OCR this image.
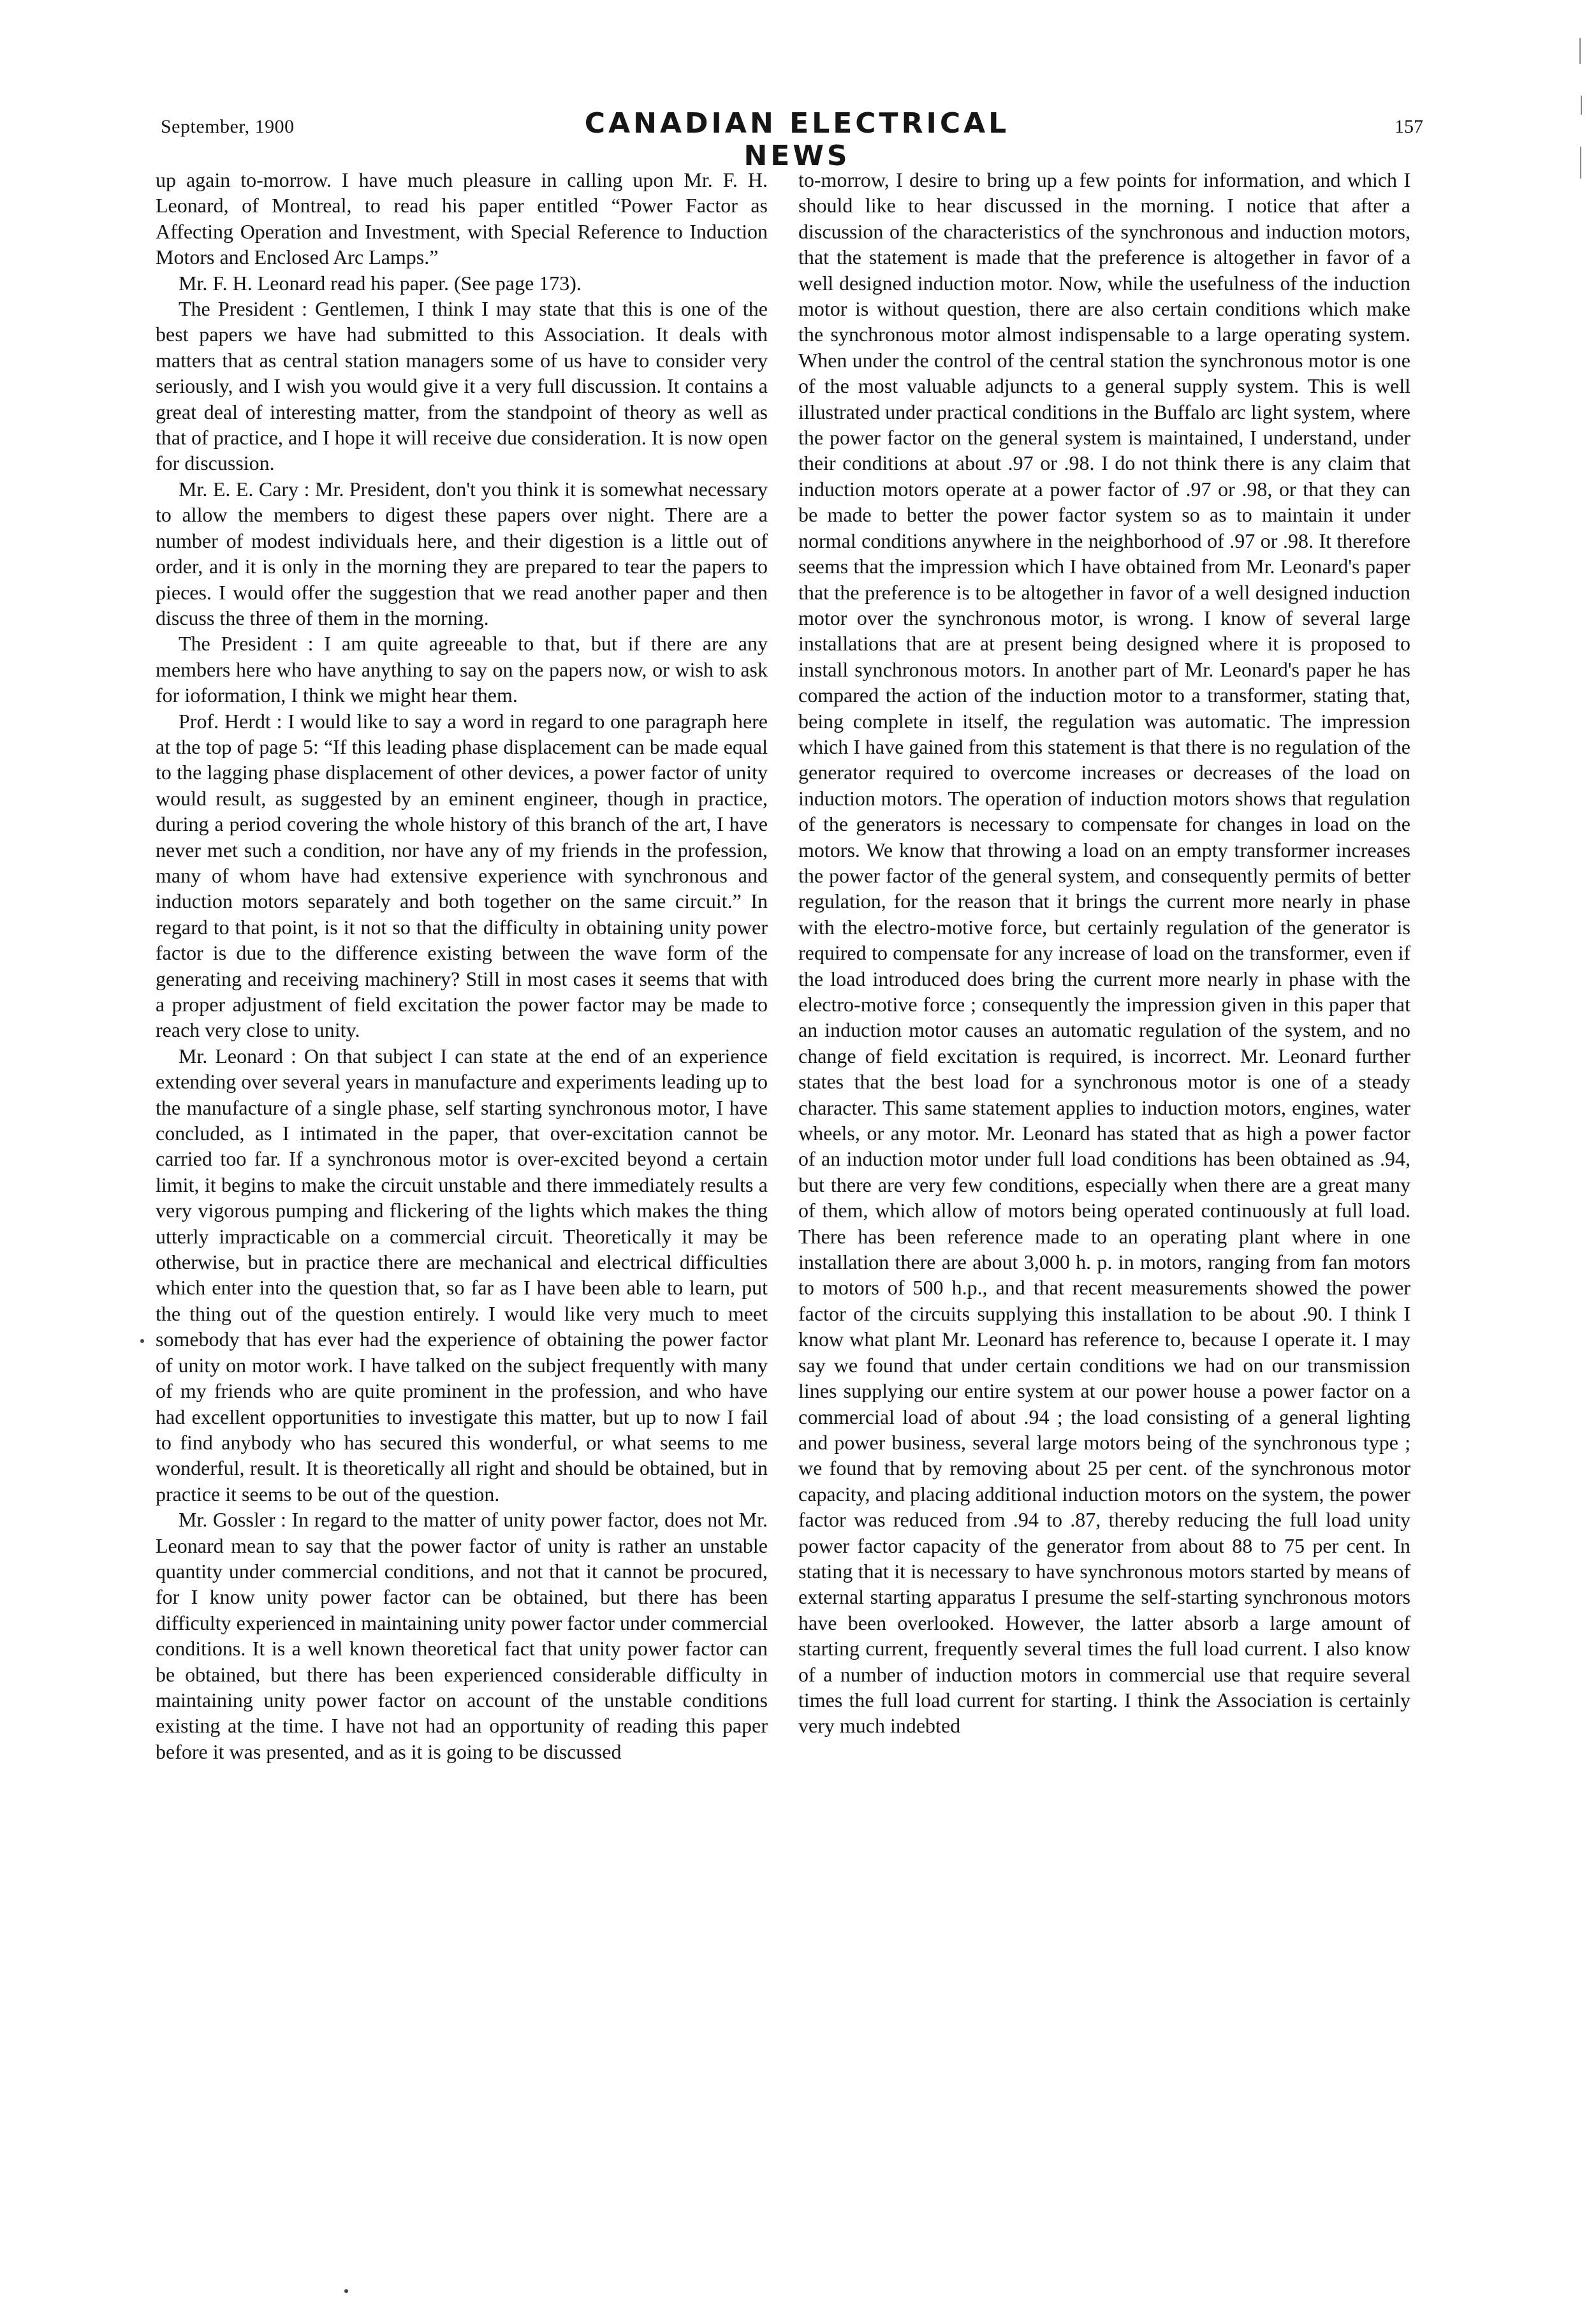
September, 1900	CANADIAN ELECTRICAL NEWS
157

up again to-morrow. I have much pleasure in calling upon Mr. F. H. Leonard, of Montreal, to read his paper entitled “Power Factor as Affecting Operation and Investment, with Special Reference to Induction Motors and Enclosed Arc Lamps.”

Mr. F. H. Leonard read his paper. (See page 173).

The President : Gentlemen, I think I may state that this is one of the best papers we have had submitted to this Association. It deals with matters that as central station managers some of us have to consider very seriously, and I wish you would give it a very full discussion. It contains a great deal of interesting matter, from the standpoint of theory as well as that of practice, and I hope it will receive due consideration. It is now open for discussion.

Mr. E. E. Cary : Mr. President, don't you think it is somewhat necessary to allow the members to digest these papers over night. There are a number of modest individuals here, and their digestion is a little out of order, and it is only in the morning they are prepared to tear the papers to pieces. I would offer the suggestion that we read another paper and then discuss the three of them in the morning.

The President : I am quite agreeable to that, but if there are any members here who have anything to say on the papers now, or wish to ask for ioformation, I think we might hear them.

Prof. Herdt : I would like to say a word in regard to one paragraph here at the top of page 5: “If this leading phase displacement can be made equal to the lagging phase displacement of other devices, a power factor of unity would result, as suggested by an eminent engineer, though in practice, during a period covering the whole history of this branch of the art, I have never met such a condition, nor have any of my friends in the profession, many of whom have had extensive experience with synchronous and induction motors separately and both together on the same circuit.” In regard to that point, is it not so that the difficulty in obtaining unity power factor is due to the difference existing between the wave form of the generating and receiving machinery? Still in most cases it seems that with a proper adjustment of field excitation the power factor may be made to reach very close to unity.

Mr. Leonard : On that subject I can state at the end of an experience extending over several years in manufacture and experiments leading up to the manufacture of a single phase, self starting synchronous motor, I have concluded, as I intimated in the paper, that over-excitation cannot be carried too far. If a synchronous motor is over-excited beyond a certain limit, it begins to make the circuit unstable and there immediately results a very vigorous pumping and flickering of the lights which makes the thing utterly impracticable on a commercial circuit. Theoretically it may be otherwise, but in practice there are mechanical and electrical difficulties which enter into the question that, so far as I have been able to learn, put the thing out of the question entirely. I would like very much to meet somebody that has ever had the experience of obtaining the power factor of unity on motor work. I have talked on the subject frequently with many of my friends who are quite prominent in the profession, and who have had excellent opportunities to investigate this matter, but up to now I fail to find anybody who has secured this wonderful, or what seems to me wonderful, result. It is theoretically all right and should be obtained, but in practice it seems to be out of the question.

Mr. Gossler : In regard to the matter of unity power factor, does not Mr. Leonard mean to say that the power factor of unity is rather an unstable quantity under commercial conditions, and not that it cannot be procured, for I know unity power factor can be obtained, but there has been difficulty experienced in maintaining unity power factor under commercial conditions. It is a well known theoretical fact that unity power factor can be obtained, but there has been experienced considerable difficulty in maintaining unity power factor on account of the unstable conditions existing at the time. I have not had an opportunity of reading this paper before it was presented, and as it is going to be discussed

to-morrow, I desire to bring up a few points for information, and which I should like to hear discussed in the morning. I notice that after a discussion of the characteristics of the synchronous and induction motors, that the statement is made that the preference is altogether in favor of a well designed induction motor. Now, while the usefulness of the induction motor is without question, there are also certain conditions which make the synchronous motor almost indispensable to a large operating system. When under the control of the central station the synchronous motor is one of the most valuable adjuncts to a general supply system. This is well illustrated under practical conditions in the Buffalo arc light system, where the power factor on the general system is maintained, I understand, under their conditions at about .97 or .98. I do not think there is any claim that induction motors operate at a power factor of .97 or .98, or that they can be made to better the power factor system so as to maintain it under normal conditions anywhere in the neighborhood of .97 or .98. It therefore seems that the impression which I have obtained from Mr. Leonard's paper that the preference is to be altogether in favor of a well designed induction motor over the synchronous motor, is wrong. I know of several large installations that are at present being designed where it is proposed to install synchronous motors. In another part of Mr. Leonard's paper he has compared the action of the induction motor to a transformer, stating that, being complete in itself, the regulation was automatic. The impression which I have gained from this statement is that there is no regulation of the generator required to overcome increases or decreases of the load on induction motors. The operation of induction motors shows that regulation of the generators is necessary to compensate for changes in load on the motors. We know that throwing a load on an empty transformer increases the power factor of the general system, and consequently permits of better regulation, for the reason that it brings the current more nearly in phase with the electro-motive force, but certainly regulation of the generator is required to compensate for any increase of load on the transformer, even if the load introduced does bring the current more nearly in phase with the electro-motive force ; consequently the impression given in this paper that an induction motor causes an automatic regulation of the system, and no change of field excitation is required, is incorrect. Mr. Leonard further states that the best load for a synchronous motor is one of a steady character. This same statement applies to induction motors, engines, water wheels, or any motor. Mr. Leonard has stated that as high a power factor of an induction motor under full load conditions has been obtained as .94, but there are very few conditions, especially when there are a great many of them, which allow of motors being operated continuously at full load. There has been reference made to an operating plant where in one installation there are about 3,000 h. p. in motors, ranging from fan motors to motors of 500 h.p., and that recent measurements showed the power factor of the circuits supplying this installation to be about .90. I think I know what plant Mr. Leonard has reference to, because I operate it. I may say we found that under certain conditions we had on our transmission lines supplying our entire system at our power house a power factor on a commercial load of about .94 ; the load consisting of a general lighting and power business, several large motors being of the synchronous type ; we found that by removing about 25 per cent. of the synchronous motor capacity, and placing additional induction motors on the system, the power factor was reduced from .94 to .87, thereby reducing the full load unity power factor capacity of the generator from about 88 to 75 per cent. In stating that it is necessary to have synchronous motors started by means of external starting apparatus I presume the self-starting synchronous motors have been overlooked. However, the latter absorb a large amount of starting current, frequently several times the full load current. I also know of a number of induction motors in commercial use that require several times the full load current for starting. I think the Association is certainly very much indebted
